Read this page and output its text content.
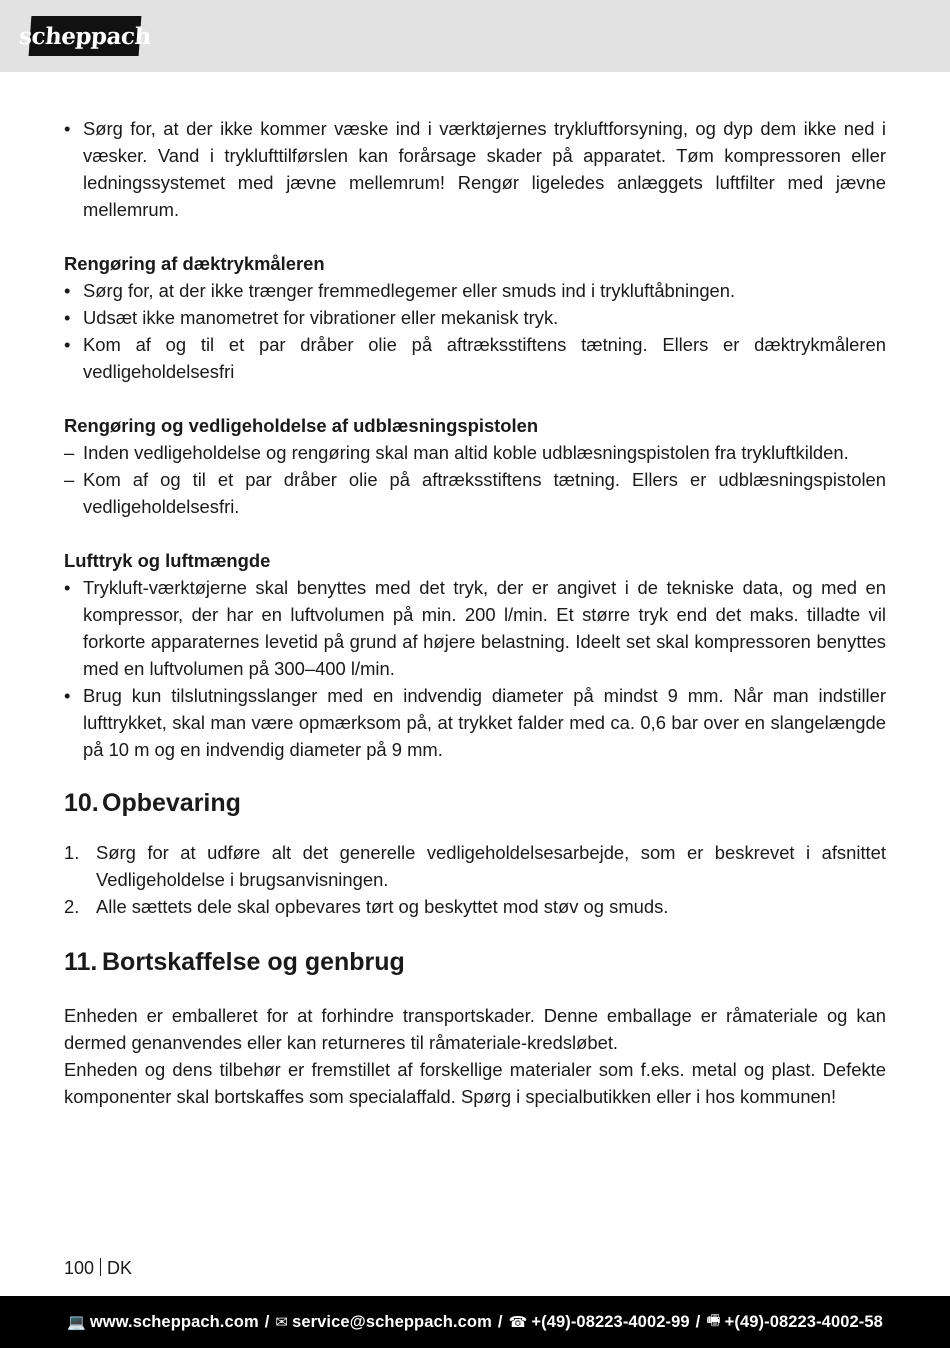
scheppach
• Sørg for, at der ikke kommer væske ind i værktøjernes trykluftforsyning, og dyp dem ikke ned i væsker. Vand i tryklufttilførslen kan forårsage skader på apparatet. Tøm kompressoren eller ledningssystemet med jævne mellemrum! Rengør ligeledes anlæggets luftfilter med jævne mellemrum.
Rengøring af dæktrykmåleren
• Sørg for, at der ikke trænger fremmedlegemer eller smuds ind i trykluftåbningen.
• Udsæt ikke manometret for vibrationer eller mekanisk tryk.
• Kom af og til et par dråber olie på aftræksstiftens tætning. Ellers er dæktrykmåleren vedligeholdelsesfri
Rengøring og vedligeholdelse af udblæsningspistolen
– Inden vedligeholdelse og rengøring skal man altid koble udblæsningspistolen fra trykluftkilden.
– Kom af og til et par dråber olie på aftræksstiftens tætning. Ellers er udblæsningspistolen vedligeholdelsesfri.
Lufttryk og luftmængde
• Trykluft-værktøjerne skal benyttes med det tryk, der er angivet i de tekniske data, og med en kompressor, der har en luftvolumen på min. 200 l/min. Et større tryk end det maks. tilladte vil forkorte apparaternes levetid på grund af højere belastning. Ideelt set skal kompressoren benyttes med en luftvolumen på 300–400 l/min.
• Brug kun tilslutningsslanger med en indvendig diameter på mindst 9 mm. Når man indstiller lufttrykket, skal man være opmærksom på, at trykket falder med ca. 0,6 bar over en slangelængde på 10 m og en indvendig diameter på 9 mm.
10. Opbevaring
1. Sørg for at udføre alt det generelle vedligeholdelsesarbejde, som er beskrevet i afsnittet Vedligeholdelse i brugsanvisningen.
2. Alle sættets dele skal opbevares tørt og beskyttet mod støv og smuds.
11. Bortskaffelse og genbrug
Enheden er emballeret for at forhindre transportskader. Denne emballage er råmateriale og kan dermed genanvendes eller kan returneres til råmateriale-kredsløbet.
Enheden og dens tilbehør er fremstillet af forskellige materialer som f.eks. metal og plast. Defekte komponenter skal bortskaffes som specialaffald. Spørg i specialbutikken eller i hos kommunen!
100 DK
💻 www.scheppach.com / ✉ service@scheppach.com / ☎ +(49)-08223-4002-99 / 🖷 +(49)-08223-4002-58
